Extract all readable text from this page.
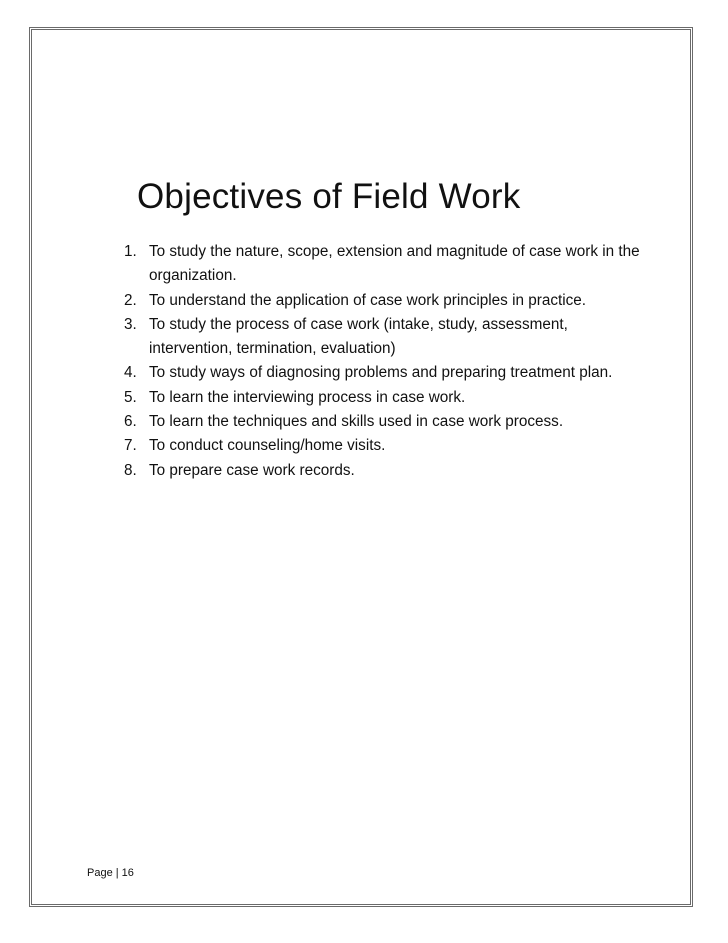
Objectives of Field Work
1. To study the nature, scope, extension and magnitude of case work in the organization.
2. To understand the application of case work principles in practice.
3. To study the process of case work (intake, study, assessment, intervention, termination, evaluation)
4. To study ways of diagnosing problems and preparing treatment plan.
5. To learn the interviewing process in case work.
6. To learn the techniques and skills used in case work process.
7. To conduct counseling/home visits.
8. To prepare case work records.
Page | 16
